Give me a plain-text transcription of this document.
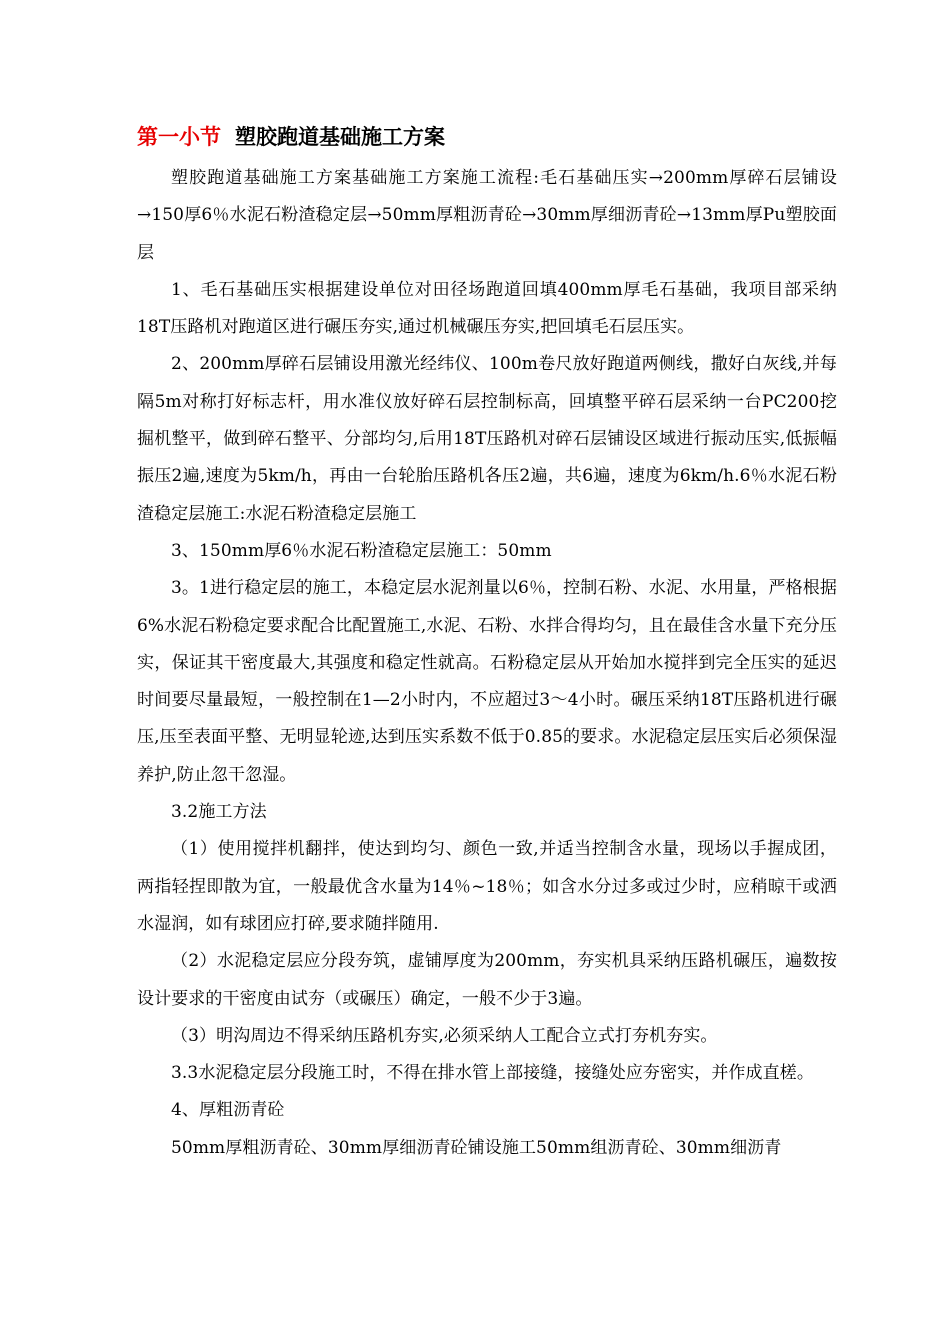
第一小节 塑胶跑道基础施工方案

塑胶跑道基础施工方案基础施工方案施工流程:毛石基础压实→200mm厚碎石层铺设→150厚6％水泥石粉渣稳定层→50mm厚粗沥青砼→30mm厚细沥青砼→13mm厚Pu塑胶面层

1、毛石基础压实根据建设单位对田径场跑道回填400mm厚毛石基础，我项目部采纳18T压路机对跑道区进行碾压夯实,通过机械碾压夯实,把回填毛石层压实。

2、200mm厚碎石层铺设用激光经纬仪、100m卷尺放好跑道两侧线，撒好白灰线,并每隔5m对称打好标志杆，用水准仪放好碎石层控制标高，回填整平碎石层采纳一台PC200挖掘机整平，做到碎石整平、分部均匀,后用18T压路机对碎石层铺设区域进行振动压实,低振幅振压2遍,速度为5km/h，再由一台轮胎压路机各压2遍，共6遍，速度为6km/h.6％水泥石粉渣稳定层施工:水泥石粉渣稳定层施工

3、150mm厚6％水泥石粉渣稳定层施工：50mm

3。1进行稳定层的施工，本稳定层水泥剂量以6％，控制石粉、水泥、水用量，严格根据6%水泥石粉稳定要求配合比配置施工,水泥、石粉、水拌合得均匀，且在最佳含水量下充分压实，保证其干密度最大,其强度和稳定性就高。石粉稳定层从开始加水搅拌到完全压实的延迟时间要尽量最短，一般控制在1—2小时内，不应超过3～4小时。碾压采纳18T压路机进行碾压,压至表面平整、无明显轮迹,达到压实系数不低于0.85的要求。水泥稳定层压实后必须保湿养护,防止忽干忽湿。

3.2施工方法

（1）使用搅拌机翻拌，使达到均匀、颜色一致,并适当控制含水量，现场以手握成团，两指轻捏即散为宜，一般最优含水量为14％~18％；如含水分过多或过少时，应稍晾干或洒水湿润，如有球团应打碎,要求随拌随用.

（2）水泥稳定层应分段夯筑，虚铺厚度为200mm，夯实机具采纳压路机碾压，遍数按设计要求的干密度由试夯（或碾压）确定，一般不少于3遍。

（3）明沟周边不得采纳压路机夯实,必须采纳人工配合立式打夯机夯实。

3.3水泥稳定层分段施工时，不得在排水管上部接缝，接缝处应夯密实，并作成直槎。

4、厚粗沥青砼

50mm厚粗沥青砼、30mm厚细沥青砼铺设施工50mm组沥青砼、30mm细沥青
